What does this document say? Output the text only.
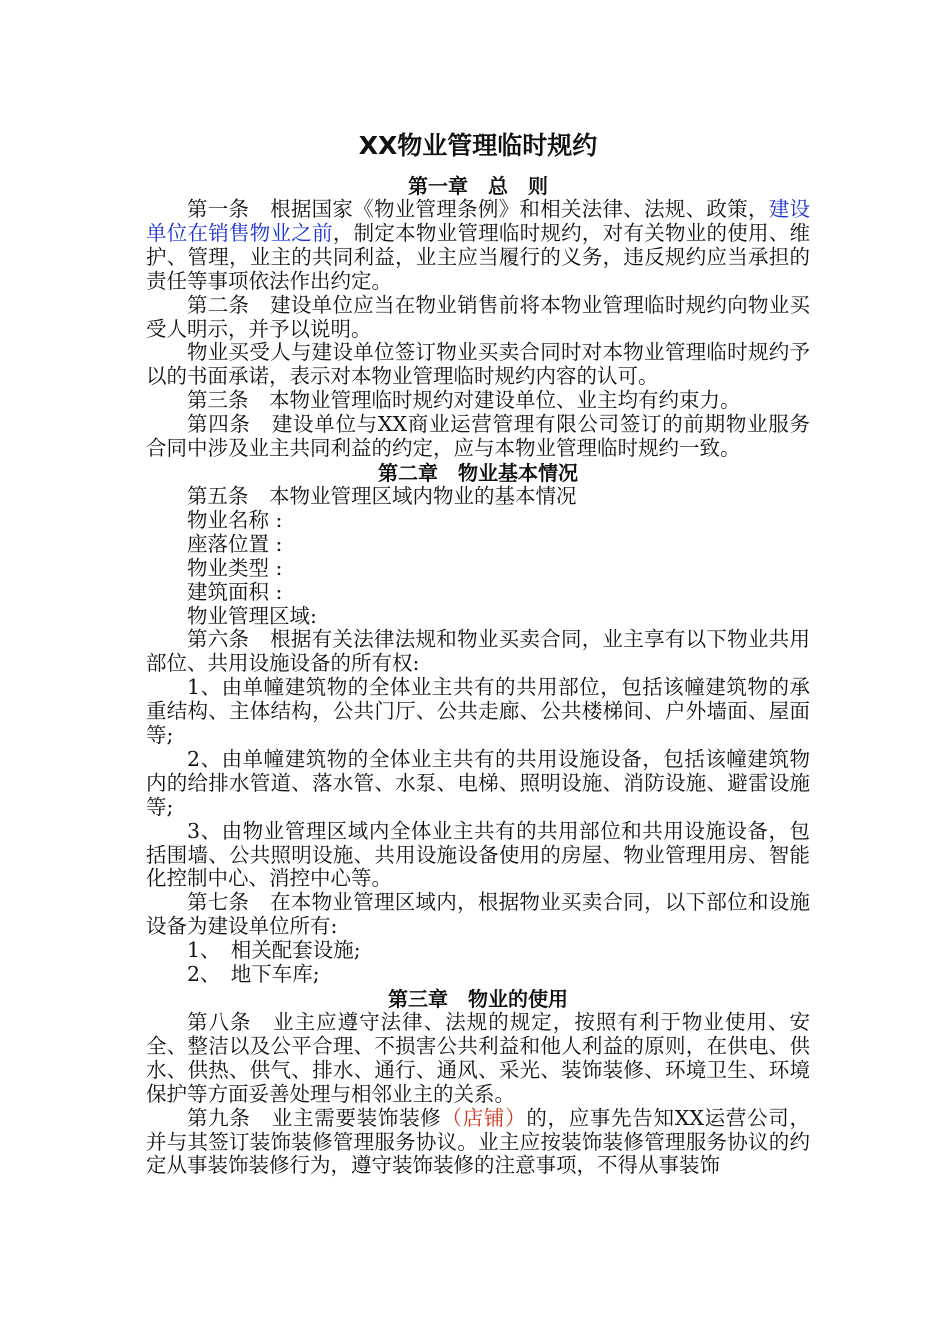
XX物业管理临时规约
第一章　总　则

第一条　根据国家《物业管理条例》和相关法律、法规、政策，建设单位在销售物业之前，制定本物业管理临时规约，对有关物业的使用、维护、管理，业主的共同利益，业主应当履行的义务，违反规约应当承担的责任等事项依法作出约定。

第二条　建设单位应当在物业销售前将本物业管理临时规约向物业买受人明示，并予以说明。

物业买受人与建设单位签订物业买卖合同时对本物业管理临时规约予以的书面承诺，表示对本物业管理临时规约内容的认可。

第三条　本物业管理临时规约对建设单位、业主均有约束力。

第四条　建设单位与XX商业运营管理有限公司签订的前期物业服务合同中涉及业主共同利益的约定，应与本物业管理临时规约一致。

第二章　物业基本情况

第五条　本物业管理区域内物业的基本情况

物业名称 :

座落位置 :

物业类型 :

建筑面积 :

物业管理区域:

第六条　根据有关法律法规和物业买卖合同，业主享有以下物业共用部位、共用设施设备的所有权:

1、由单幢建筑物的全体业主共有的共用部位，包括该幢建筑物的承重结构、主体结构，公共门厅、公共走廊、公共楼梯间、户外墙面、屋面等;

2、由单幢建筑物的全体业主共有的共用设施设备，包括该幢建筑物内的给排水管道、落水管、水泵、电梯、照明设施、消防设施、避雷设施等;

3、由物业管理区域内全体业主共有的共用部位和共用设施设备，包括围墙、公共照明设施、共用设施设备使用的房屋、物业管理用房、智能化控制中心、消控中心等。

第七条　在本物业管理区域内，根据物业买卖合同，以下部位和设施设备为建设单位所有:

1、　相关配套设施;

2、　地下车库;

第三章　物业的使用

第八条　业主应遵守法律、法规的规定，按照有利于物业使用、安全、整洁以及公平合理、不损害公共利益和他人利益的原则，在供电、供水、供热、供气、排水、通行、通风、采光、装饰装修、环境卫生、环境保护等方面妥善处理与相邻业主的关系。

第九条　业主需要装饰装修（店铺）的，应事先告知XX运营公司，并与其签订装饰装修管理服务协议。业主应按装饰装修管理服务协议的约定从事装饰装修行为，遵守装饰装修的注意事项，不得从事装饰
